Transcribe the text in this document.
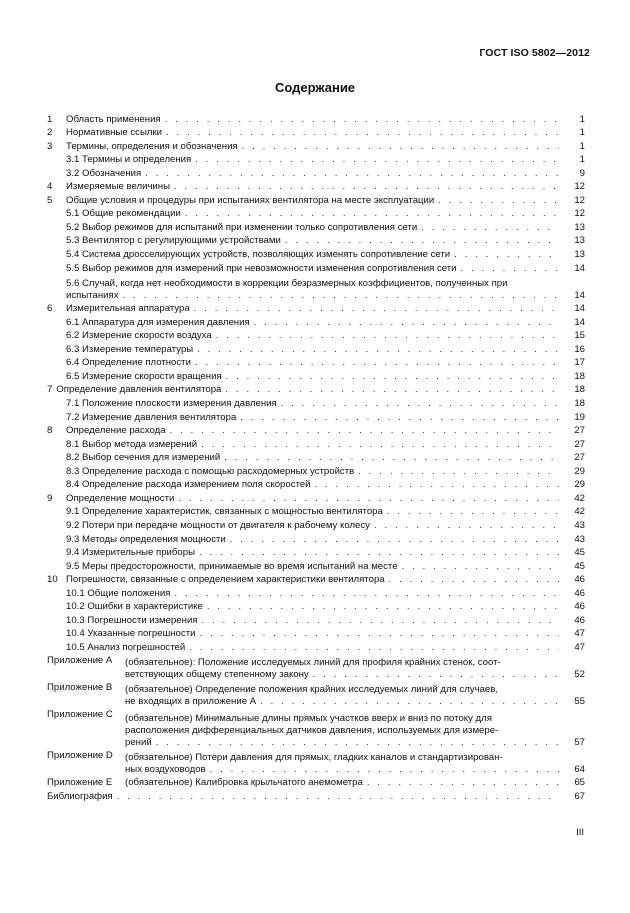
ГОСТ ISO 5802—2012
Содержание
1	Область применения . . .	1
2	Нормативные ссылки . . .	1
3	Термины, определения и обозначения . . .	1
3.1 Термины и определения . . .	1
3.2 Обозначения . . .	9
4	Измеряемые величины . . .	12
5	Общие условия и процедуры при испытаниях вентилятора на месте эксплуатации . . .	12
5.1 Общие рекомендации . . .	12
5.2 Выбор режимов для испытаний при изменении только сопротивления сети . . .	13
5.3 Вентилятор с регулирующими устройствами . . .	13
5.4 Система дросселирующих устройств, позволяющих изменять сопротивление сети . . .	13
5.5 Выбор режимов для измерений при невозможности изменения сопротивления сети . . .	14
5.6 Случай, когда нет необходимости в коррекции безразмерных коэффициентов, полученных при
испытаниях . . .	14
6	Измерительная аппаратура . . .	14
6.1 Аппаратура для измерения давления . . .	14
6.2 Измерение скорости воздуха . . .	15
6.3 Измерение температуры . . .	16
6.4 Определение плотности . . .	17
6.5 Измерение скорости вращения . . .	18
7 Определение давления вентилятора . . .	18
7.1 Положение плоскости измерения давления . . .	18
7.2 Измерение давления вентилятора . . .	19
8	Определение расхода . . .	27
8.1 Выбор метода измерений . . .	27
8.2 Выбор сечения для измерений . . .	27
8.3 Определение расхода с помощью расходомерных устройств . . .	29
8.4 Определение расхода измерением поля скоростей . . .	29
9	Определение мощности . . .	42
9.1 Определение характеристик, связанных с мощностью вентилятора . . .	42
9.2 Потери при передаче мощности от двигателя к рабочему колесу . . .	43
9.3 Методы определения мощности . . .	43
9.4 Измерительные приборы . . .	45
9.5 Меры предосторожности, принимаемые во время испытаний на месте . . .	45
10 Погрешности, связанные с определением характеристики вентилятора . . .	46
10.1 Общие положения . . .	46
10.2 Ошибки в характеристике . . .	46
10.3 Погрешности измерения . . .	46
10.4 Указанные погрешности . . .	47
10.5 Анализ погрешностей . . .	47
Приложение А	(обязательное): Положение исследуемых линий для профиля крайних стенок, соот-
ветствующих общему степенному закону . . .	52
Приложение В	(обязательное) Определение положения крайних исследуемых линий для случаев,
не входящих в приложение А . . .	55
Приложение С	(обязательное) Минимальные длины прямых участков вверх и вниз по потоку для
расположения дифференциальных датчиков давления, используемых для измере-
рений . . .	57
Приложение D	(обязательное) Потери давления для прямых, гладких каналов и стандартизирован-
ных воздуховодов . . .	64
Приложение Е	(обязательное) Калибровка крыльчатого анемометра . . .	65
Библиография . . .	67
III
